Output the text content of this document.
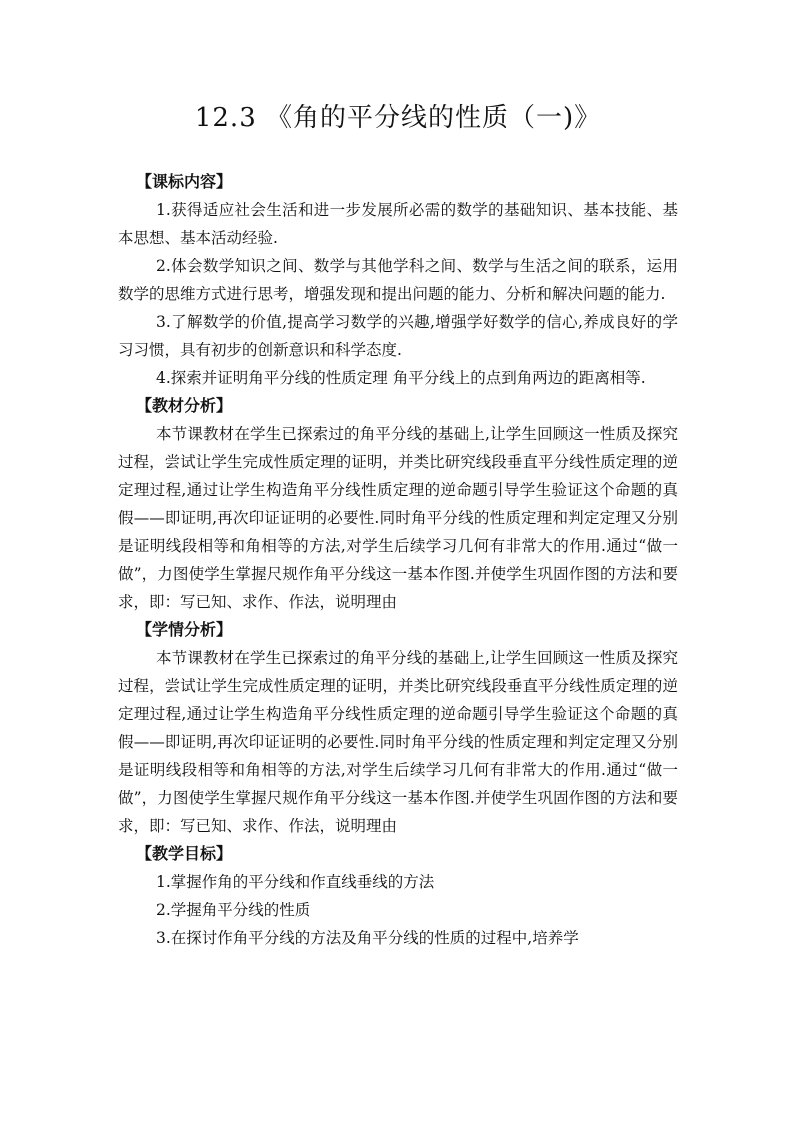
12.3 《角的平分线的性质（一)》

【课标内容】

1.获得适应社会生活和进一步发展所必需的数学的基础知识、基本技能、基本思想、基本活动经验.

2.体会数学知识之间、数学与其他学科之间、数学与生活之间的联系，运用数学的思维方式进行思考，增强发现和提出问题的能力、分析和解决问题的能力.

3.了解数学的价值,提高学习数学的兴趣,增强学好数学的信心,养成良好的学习习惯，具有初步的创新意识和科学态度.

4.探索并证明角平分线的性质定理 角平分线上的点到角两边的距离相等.

【教材分析】

本节课教材在学生已探索过的角平分线的基础上,让学生回顾这一性质及探究过程，尝试让学生完成性质定理的证明，并类比研究线段垂直平分线性质定理的逆定理过程,通过让学生构造角平分线性质定理的逆命题引导学生验证这个命题的真假——即证明,再次印证证明的必要性.同时角平分线的性质定理和判定定理又分别是证明线段相等和角相等的方法,对学生后续学习几何有非常大的作用.通过“做一做”，力图使学生掌握尺规作角平分线这一基本作图.并使学生巩固作图的方法和要求，即：写已知、求作、作法，说明理由

【学情分析】

本节课教材在学生已探索过的角平分线的基础上,让学生回顾这一性质及探究过程，尝试让学生完成性质定理的证明，并类比研究线段垂直平分线性质定理的逆定理过程,通过让学生构造角平分线性质定理的逆命题引导学生验证这个命题的真假——即证明,再次印证证明的必要性.同时角平分线的性质定理和判定定理又分别是证明线段相等和角相等的方法,对学生后续学习几何有非常大的作用.通过“做一做”，力图使学生掌握尺规作角平分线这一基本作图.并使学生巩固作图的方法和要求，即：写已知、求作、作法，说明理由

【教学目标】

1.掌握作角的平分线和作直线垂线的方法

2.学握角平分线的性质

3.在探讨作角平分线的方法及角平分线的性质的过程中,培养学
